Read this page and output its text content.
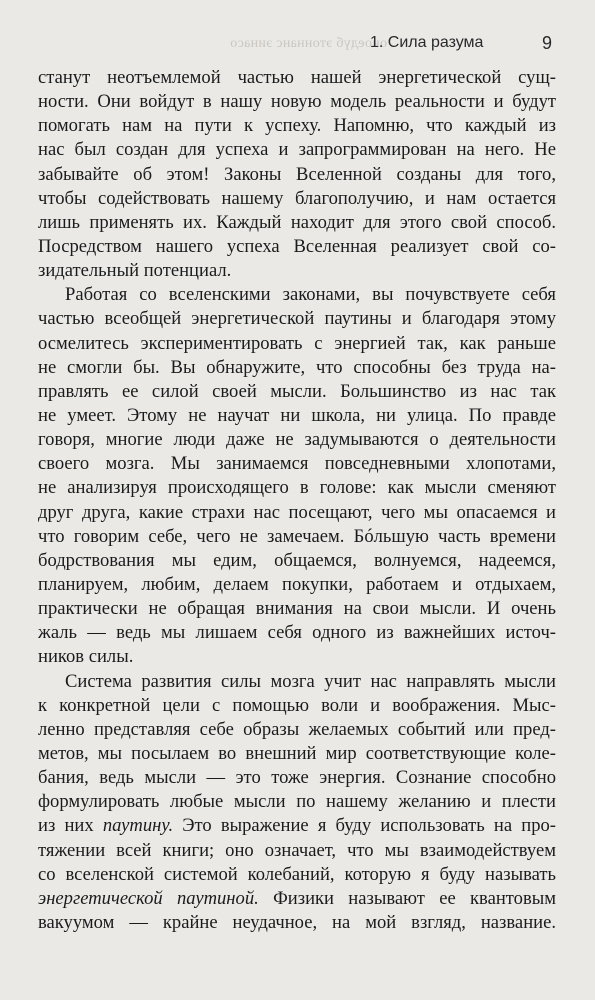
оноедүб этоннанс эинасо
1. Сила разума	9
станут неотъемлемой частью нашей энергетической сущ-
ности. Они войдут в нашу новую модель реальности и будут
помогать нам на пути к успеху. Напомню, что каждый из
нас был создан для успеха и запрограммирован на него. Не
забывайте об этом! Законы Вселенной созданы для того,
чтобы содействовать нашему благополучию, и нам остается
лишь применять их. Каждый находит для этого свой способ.
Посредством нашего успеха Вселенная реализует свой со-
зидательный потенциал.
Работая со вселенскими законами, вы почувствуете себя
частью всеобщей энергетической паутины и благодаря этому
осмелитесь экспериментировать с энергией так, как раньше
не смогли бы. Вы обнаружите, что способны без труда на-
правлять ее силой своей мысли. Большинство из нас так
не умеет. Этому не научат ни школа, ни улица. По правде
говоря, многие люди даже не задумываются о деятельности
своего мозга. Мы занимаемся повседневными хлопотами,
не анализируя происходящего в голове: как мысли сменяют
друг друга, какие страхи нас посещают, чего мы опасаемся и
что говорим себе, чего не замечаем. Бóльшую часть времени
бодрствования мы едим, общаемся, волнуемся, надеемся,
планируем, любим, делаем покупки, работаем и отдыхаем,
практически не обращая внимания на свои мысли. И очень
жаль — ведь мы лишаем себя одного из важнейших источ-
ников силы.
Система развития силы мозга учит нас направлять мысли
к конкретной цели с помощью воли и воображения. Мыс-
ленно представляя себе образы желаемых событий или пред-
метов, мы посылаем во внешний мир соответствующие коле-
бания, ведь мысли — это тоже энергия. Сознание способно
формулировать любые мысли по нашему желанию и плести
из них паутину. Это выражение я буду использовать на про-
тяжении всей книги; оно означает, что мы взаимодействуем
со вселенской системой колебаний, которую я буду называть
энергетической паутиной. Физики называют ее квантовым
вакуумом — крайне неудачное, на мой взгляд, название.
